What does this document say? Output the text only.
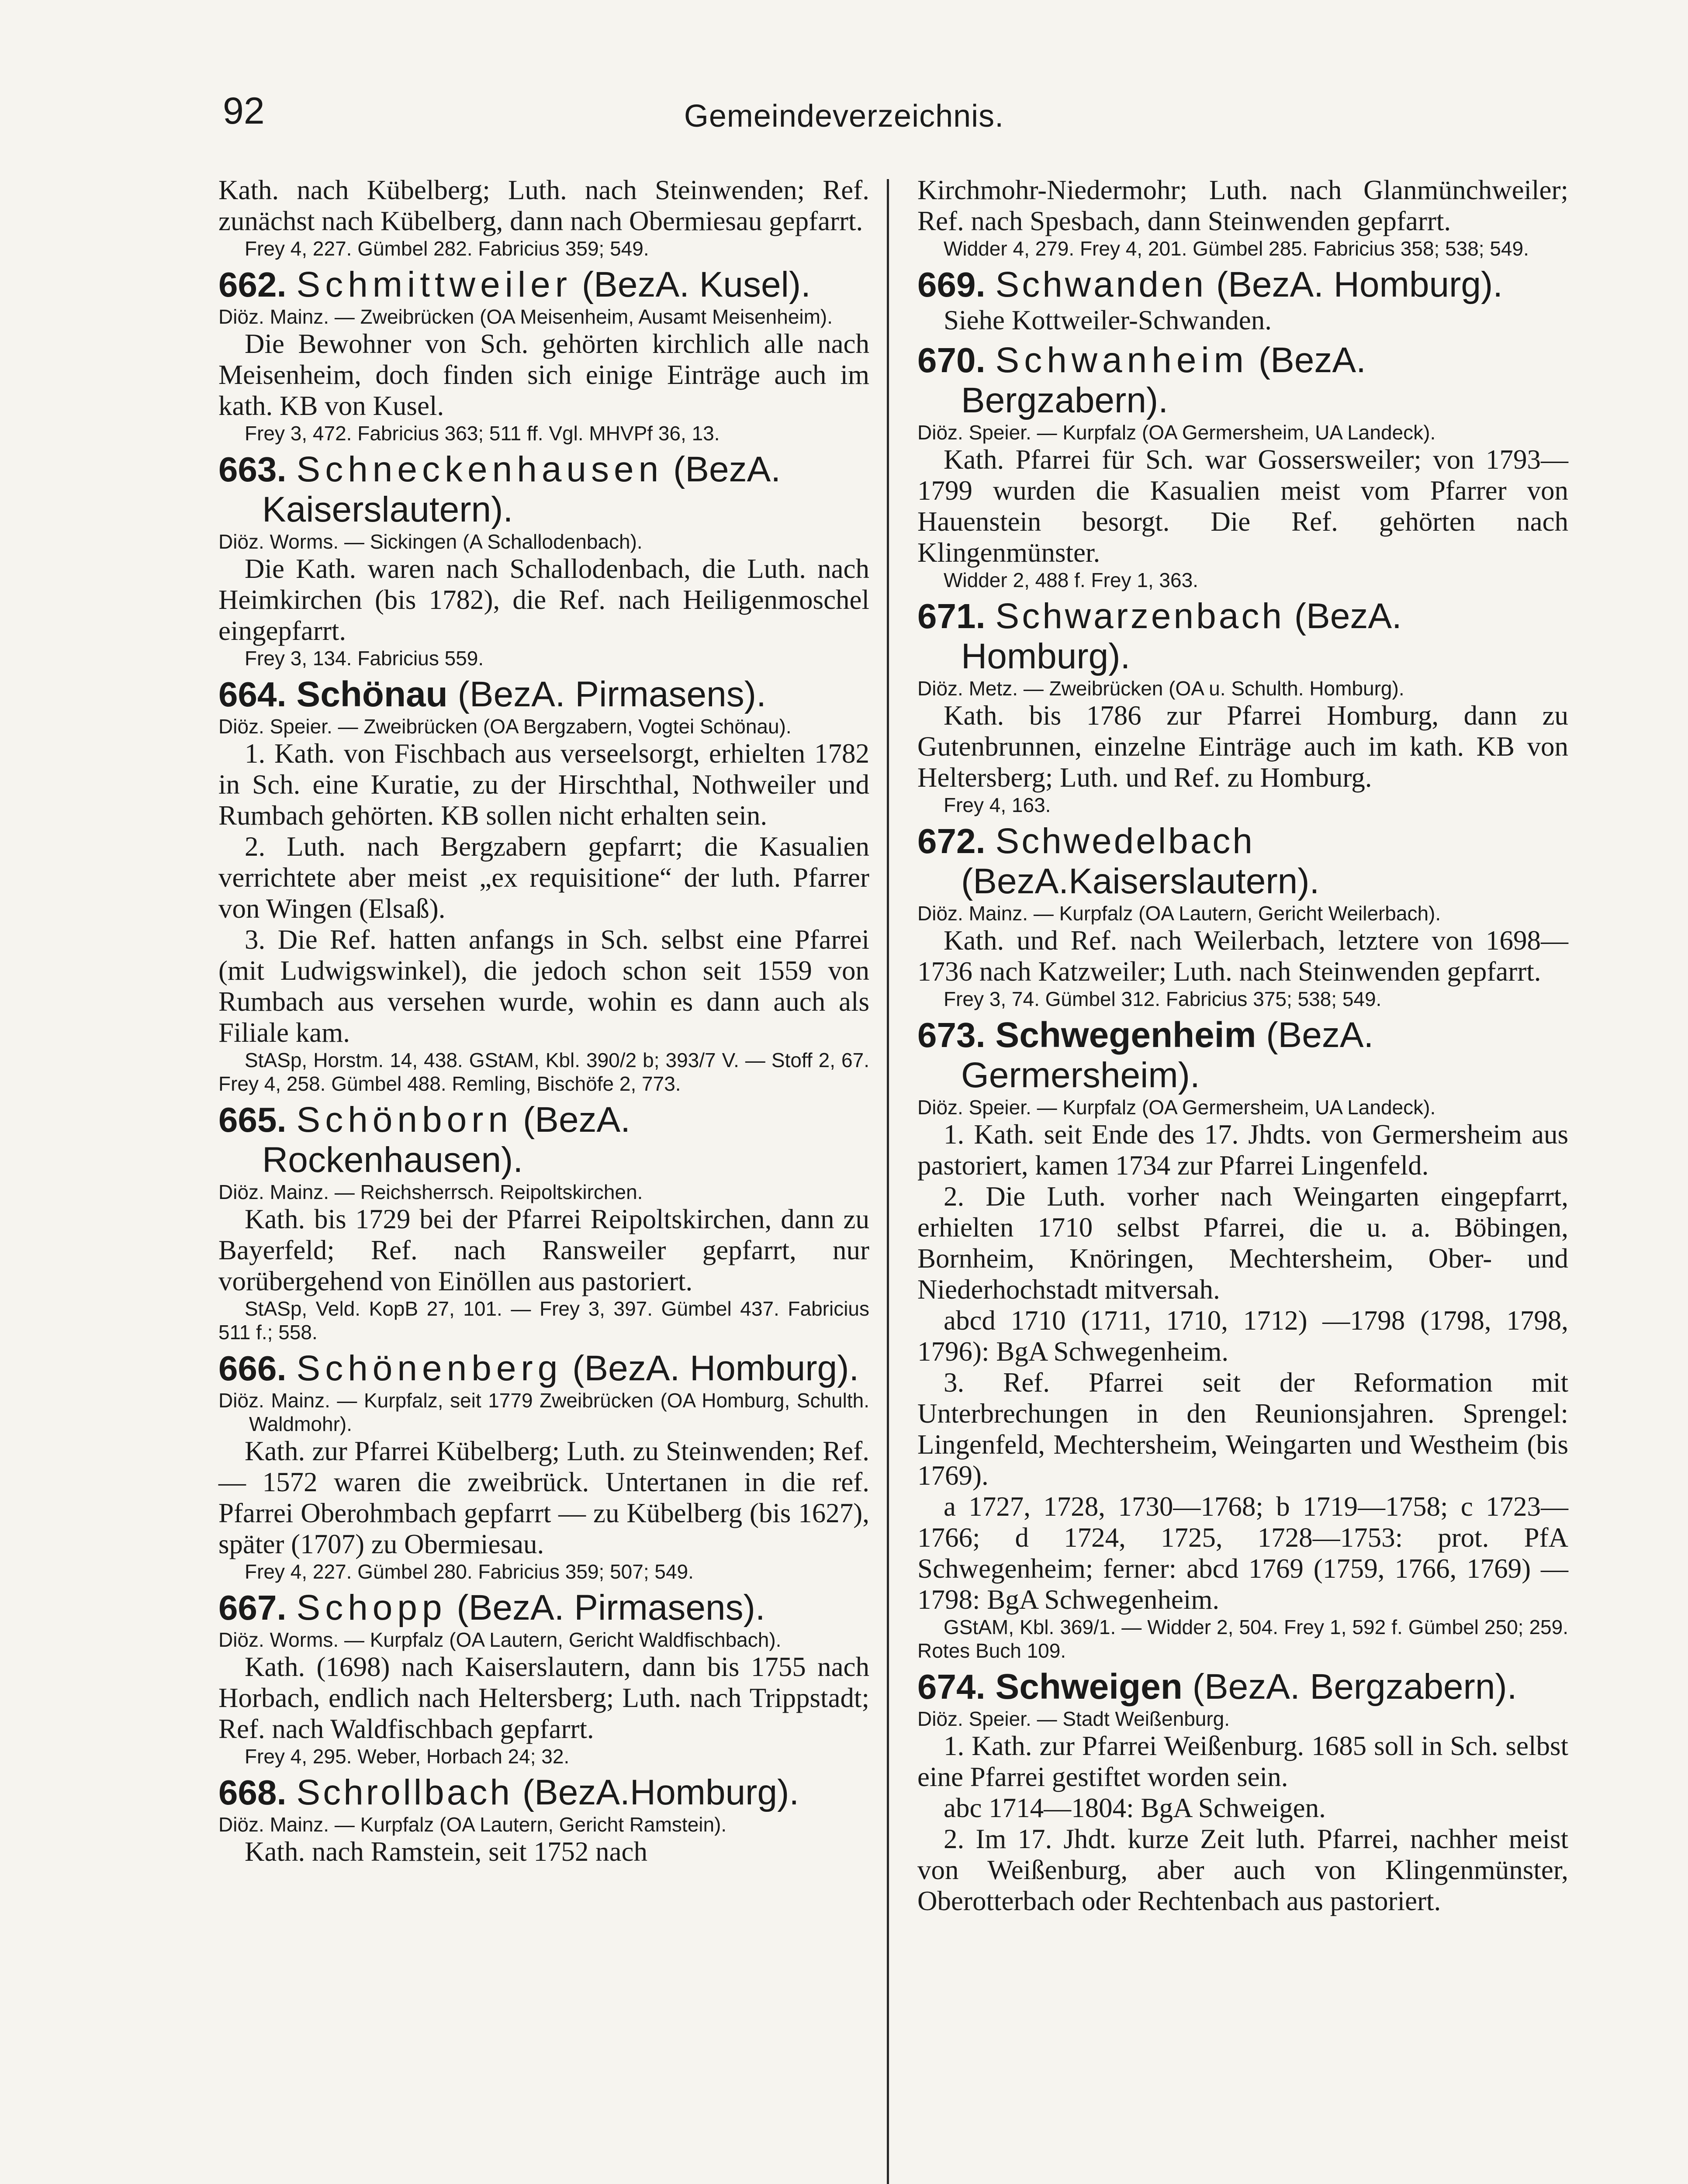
92	Gemeindeverzeichnis.
Kath. nach Kübelberg; Luth. nach Steinwenden; Ref. zunächst nach Kübelberg, dann nach Obermiesau gepfarrt.
Frey 4, 227. Gümbel 282. Fabricius 359; 549.
662. Schmittweiler (BezA. Kusel).
Diöz. Mainz. — Zweibrücken (OA Meisenheim, Ausamt Meisenheim).
Die Bewohner von Sch. gehörten kirchlich alle nach Meisenheim, doch finden sich einige Einträge auch im kath. KB von Kusel.
Frey 3, 472. Fabricius 363; 511 ff. Vgl. MHVPf 36, 13.
663. Schneckenhausen (BezA. Kaiserslautern).
Diöz. Worms. — Sickingen (A Schallodenbach).
Die Kath. waren nach Schallodenbach, die Luth. nach Heimkirchen (bis 1782), die Ref. nach Heiligenmoschel eingepfarrt.
Frey 3, 134. Fabricius 559.
664. Schönau (BezA. Pirmasens).
Diöz. Speier. — Zweibrücken (OA Bergzabern, Vogtei Schönau).
1. Kath. von Fischbach aus verseelsorgt, erhielten 1782 in Sch. eine Kuratie, zu der Hirschthal, Nothweiler und Rumbach gehörten. KB sollen nicht erhalten sein.
2. Luth. nach Bergzabern gepfarrt; die Kasualien verrichtete aber meist „ex requisitione“ der luth. Pfarrer von Wingen (Elsaß).
3. Die Ref. hatten anfangs in Sch. selbst eine Pfarrei (mit Ludwigswinkel), die jedoch schon seit 1559 von Rumbach aus versehen wurde, wohin es dann auch als Filiale kam.
StASp, Horstm. 14, 438. GStAM, Kbl. 390/2 b; 393/7 V. — Stoff 2, 67. Frey 4, 258. Gümbel 488. Remling, Bischöfe 2, 773.
665. Schönborn (BezA. Rockenhausen).
Diöz. Mainz. — Reichsherrsch. Reipoltskirchen.
Kath. bis 1729 bei der Pfarrei Reipoltskirchen, dann zu Bayerfeld; Ref. nach Ransweiler gepfarrt, nur vorübergehend von Einöllen aus pastoriert.
StASp, Veld. KopB 27, 101. — Frey 3, 397. Gümbel 437. Fabricius 511 f.; 558.
666. Schönenberg (BezA. Homburg).
Diöz. Mainz. — Kurpfalz, seit 1779 Zweibrücken (OA Homburg, Schulth. Waldmohr).
Kath. zur Pfarrei Kübelberg; Luth. zu Steinwenden; Ref. — 1572 waren die zweibrück. Untertanen in die ref. Pfarrei Oberohmbach gepfarrt — zu Kübelberg (bis 1627), später (1707) zu Obermiesau.
Frey 4, 227. Gümbel 280. Fabricius 359; 507; 549.
667. Schopp (BezA. Pirmasens).
Diöz. Worms. — Kurpfalz (OA Lautern, Gericht Waldfischbach).
Kath. (1698) nach Kaiserslautern, dann bis 1755 nach Horbach, endlich nach Heltersberg; Luth. nach Trippstadt; Ref. nach Waldfischbach gepfarrt.
Frey 4, 295. Weber, Horbach 24; 32.
668. Schrollbach (BezA.Homburg).
Diöz. Mainz. — Kurpfalz (OA Lautern, Gericht Ramstein).
Kath. nach Ramstein, seit 1752 nach
Kirchmohr-Niedermohr; Luth. nach Glanmünchweiler; Ref. nach Spesbach, dann Steinwenden gepfarrt.
Widder 4, 279. Frey 4, 201. Gümbel 285. Fabricius 358; 538; 549.
669. Schwanden (BezA. Homburg).
Siehe Kottweiler-Schwanden.
670. Schwanheim (BezA. Bergzabern).
Diöz. Speier. — Kurpfalz (OA Germersheim, UA Landeck).
Kath. Pfarrei für Sch. war Gossersweiler; von 1793—1799 wurden die Kasualien meist vom Pfarrer von Hauenstein besorgt. Die Ref. gehörten nach Klingenmünster.
Widder 2, 488 f. Frey 1, 363.
671. Schwarzenbach (BezA. Homburg).
Diöz. Metz. — Zweibrücken (OA u. Schulth. Homburg).
Kath. bis 1786 zur Pfarrei Homburg, dann zu Gutenbrunnen, einzelne Einträge auch im kath. KB von Heltersberg; Luth. und Ref. zu Homburg.
Frey 4, 163.
672. Schwedelbach (BezA.Kaiserslautern).
Diöz. Mainz. — Kurpfalz (OA Lautern, Gericht Weilerbach).
Kath. und Ref. nach Weilerbach, letztere von 1698—1736 nach Katzweiler; Luth. nach Steinwenden gepfarrt.
Frey 3, 74. Gümbel 312. Fabricius 375; 538; 549.
673. Schwegenheim (BezA. Germersheim).
Diöz. Speier. — Kurpfalz (OA Germersheim, UA Landeck).
1. Kath. seit Ende des 17. Jhdts. von Germersheim aus pastoriert, kamen 1734 zur Pfarrei Lingenfeld.
2. Die Luth. vorher nach Weingarten eingepfarrt, erhielten 1710 selbst Pfarrei, die u. a. Böbingen, Bornheim, Knöringen, Mechtersheim, Ober- und Niederhochstadt mitversah.
abcd 1710 (1711, 1710, 1712) —1798 (1798, 1798, 1796): BgA Schwegenheim.
3. Ref. Pfarrei seit der Reformation mit Unterbrechungen in den Reunionsjahren. Sprengel: Lingenfeld, Mechtersheim, Weingarten und Westheim (bis 1769).
a 1727, 1728, 1730—1768; b 1719—1758; c 1723—1766; d 1724, 1725, 1728—1753: prot. PfA Schwegenheim; ferner: abcd 1769 (1759, 1766, 1769) —1798: BgA Schwegenheim.
GStAM, Kbl. 369/1. — Widder 2, 504. Frey 1, 592 f. Gümbel 250; 259. Rotes Buch 109.
674. Schweigen (BezA. Bergzabern).
Diöz. Speier. — Stadt Weißenburg.
1. Kath. zur Pfarrei Weißenburg. 1685 soll in Sch. selbst eine Pfarrei gestiftet worden sein.
abc 1714—1804: BgA Schweigen.
2. Im 17. Jhdt. kurze Zeit luth. Pfarrei, nachher meist von Weißenburg, aber auch von Klingenmünster, Oberotterbach oder Rechtenbach aus pastoriert.
